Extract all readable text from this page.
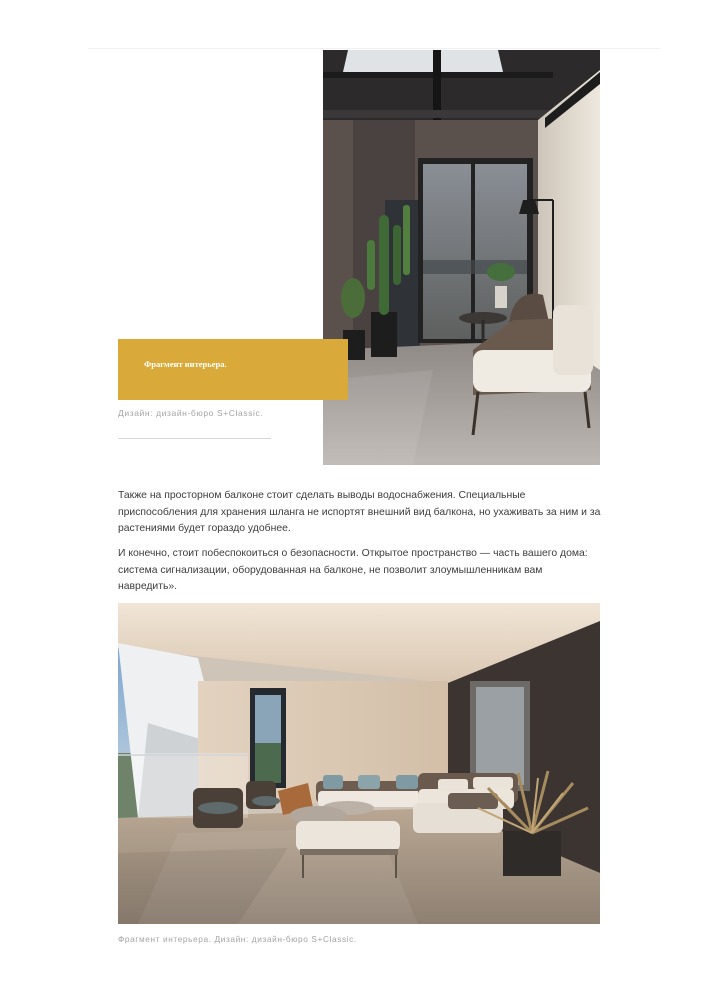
Фрагмент интерьера.
Дизайн: дизайн-бюро S+Classic.

Также на просторном балконе стоит сделать выводы водоснабжения. Специальные приспособления для хранения шланга не испортят внешний вид балкона, но ухаживать за ним и за растениями будет гораздо удобнее.

И конечно, стоит побеспокоиться о безопасности. Открытое пространство — часть вашего дома: система сигнализации, оборудованная на балконе, не позволит злоумышленникам вам навредить».

Фрагмент интерьера. Дизайн: дизайн-бюро S+Classic.
